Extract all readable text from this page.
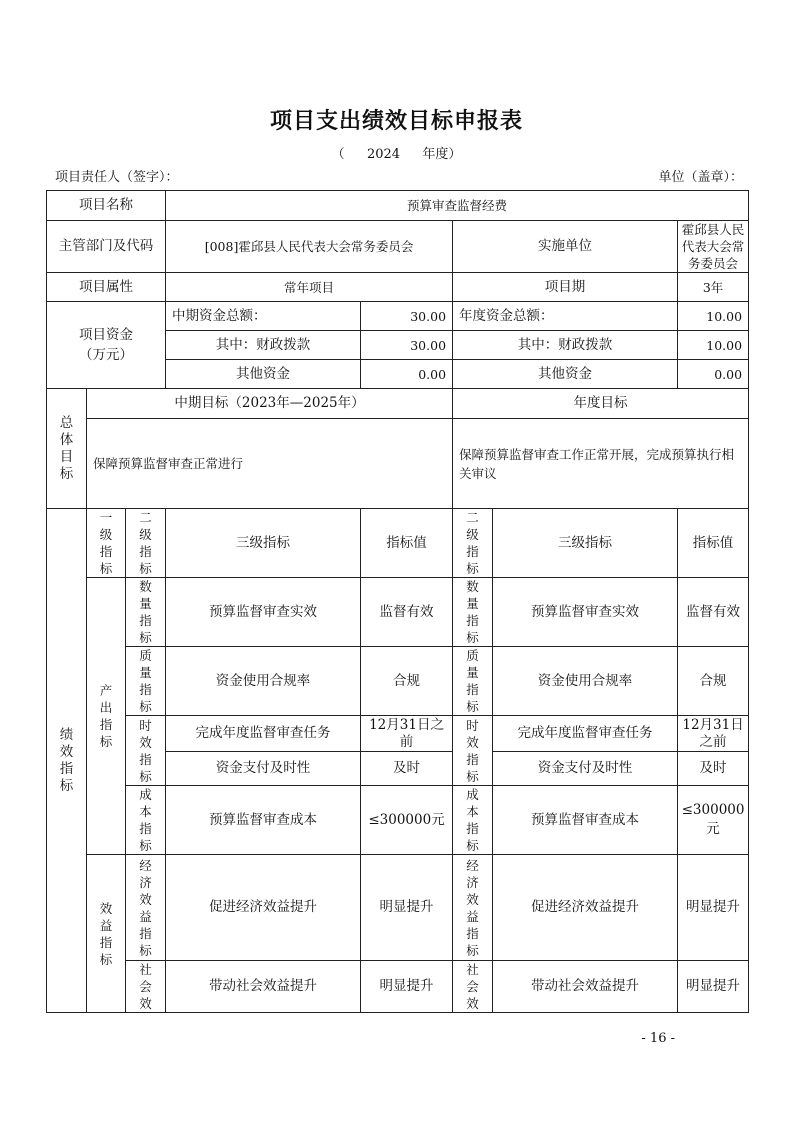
项目支出绩效目标申报表
（ 2024 年度）
项目责任人（签字）：	单位（盖章）：
项目名称			预算审查监督经费				
主管部门及代码			[008]霍邱县人民代表大会常务委员会		实施单位		霍邱县人民代表大会常务委员会
项目属性			常年项目		项目期		3年
项目资金（万元）			中期资金总额：	30.00	年度资金总额：		10.00
			其中：财政拨款	30.00	其中：财政拨款		10.00
			其他资金	0.00	其他资金		0.00
总体目标	中期目标（2023年—2025年）				年度目标		
	保障预算监督审查正常进行				保障预算监督审查工作正常开展，完成预算执行相关审议		
绩效指标	一级指标	二级指标	三级指标	指标值	二级指标	三级指标	指标值
	产出指标	数量指标	预算监督审查实效	监督有效	数量指标	预算监督审查实效	监督有效
		质量指标	资金使用合规率	合规	质量指标	资金使用合规率	合规
		时效指标	完成年度监督审查任务	12月31日之前	时效指标	完成年度监督审查任务	12月31日之前
			资金支付及时性	及时		资金支付及时性	及时
		成本指标	预算监督审查成本	≤300000元	成本指标	预算监督审查成本	≤300000元
	效益指标	经济效益指标	促进经济效益提升	明显提升	经济效益指标	促进经济效益提升	明显提升
		社会效	带动社会效益提升	明显提升	社会效	带动社会效益提升	明显提升
- 16 -
